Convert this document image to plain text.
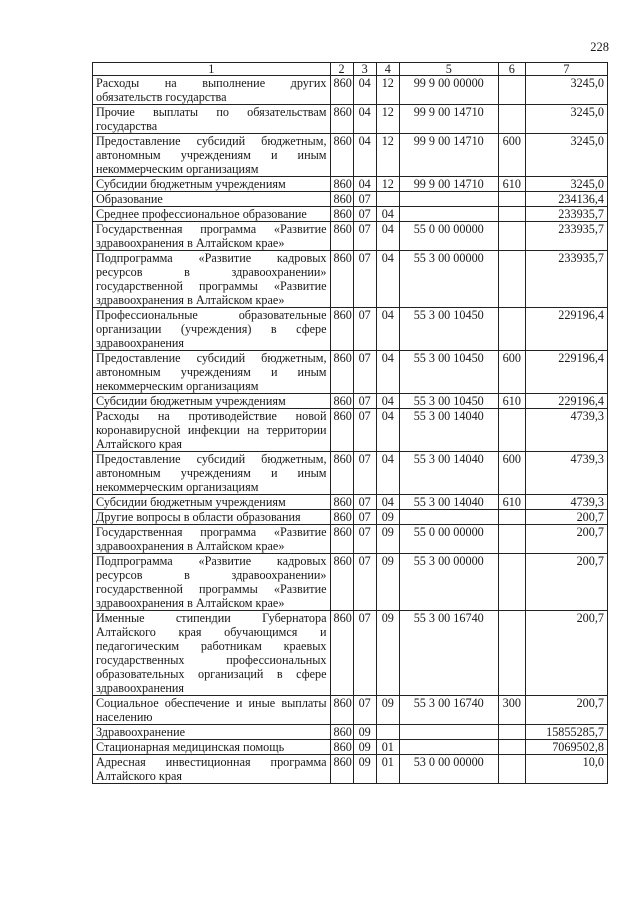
228
1	2	3	4	5	6	7
Расходы на выполнение других обязательств государства	860	04	12	99 9 00 00000		3245,0
Прочие выплаты по обязательствам государства	860	04	12	99 9 00 14710		3245,0
Предоставление субсидий бюджетным, автономным учреждениям и иным некоммерческим организациям	860	04	12	99 9 00 14710	600	3245,0
Субсидии бюджетным учреждениям	860	04	12	99 9 00 14710	610	3245,0
Образование	860	07				234136,4
Среднее профессиональное образование	860	07	04			233935,7
Государственная программа «Развитие здравоохранения в Алтайском крае»	860	07	04	55 0 00 00000		233935,7
Подпрограмма «Развитие кадровых ресурсов в здравоохранении» государственной программы «Развитие здравоохранения в Алтайском крае»	860	07	04	55 3 00 00000		233935,7
Профессиональные образовательные организации (учреждения) в сфере здравоохранения	860	07	04	55 3 00 10450		229196,4
Предоставление субсидий бюджетным, автономным учреждениям и иным некоммерческим организациям	860	07	04	55 3 00 10450	600	229196,4
Субсидии бюджетным учреждениям	860	07	04	55 3 00 10450	610	229196,4
Расходы на противодействие новой коронавирусной инфекции на территории Алтайского края	860	07	04	55 3 00 14040		4739,3
Предоставление субсидий бюджетным, автономным учреждениям и иным некоммерческим организациям	860	07	04	55 3 00 14040	600	4739,3
Субсидии бюджетным учреждениям	860	07	04	55 3 00 14040	610	4739,3
Другие вопросы в области образования	860	07	09			200,7
Государственная программа «Развитие здравоохранения в Алтайском крае»	860	07	09	55 0 00 00000		200,7
Подпрограмма «Развитие кадровых ресурсов в здравоохранении» государственной программы «Развитие здравоохранения в Алтайском крае»	860	07	09	55 3 00 00000		200,7
Именные стипендии Губернатора Алтайского края обучающимся и педагогическим работникам краевых государственных профессиональных образовательных организаций в сфере здравоохранения	860	07	09	55 3 00 16740		200,7
Социальное обеспечение и иные выплаты населению	860	07	09	55 3 00 16740	300	200,7
Здравоохранение	860	09				15855285,7
Стационарная медицинская помощь	860	09	01			7069502,8
Адресная инвестиционная программа Алтайского края	860	09	01	53 0 00 00000		10,0
